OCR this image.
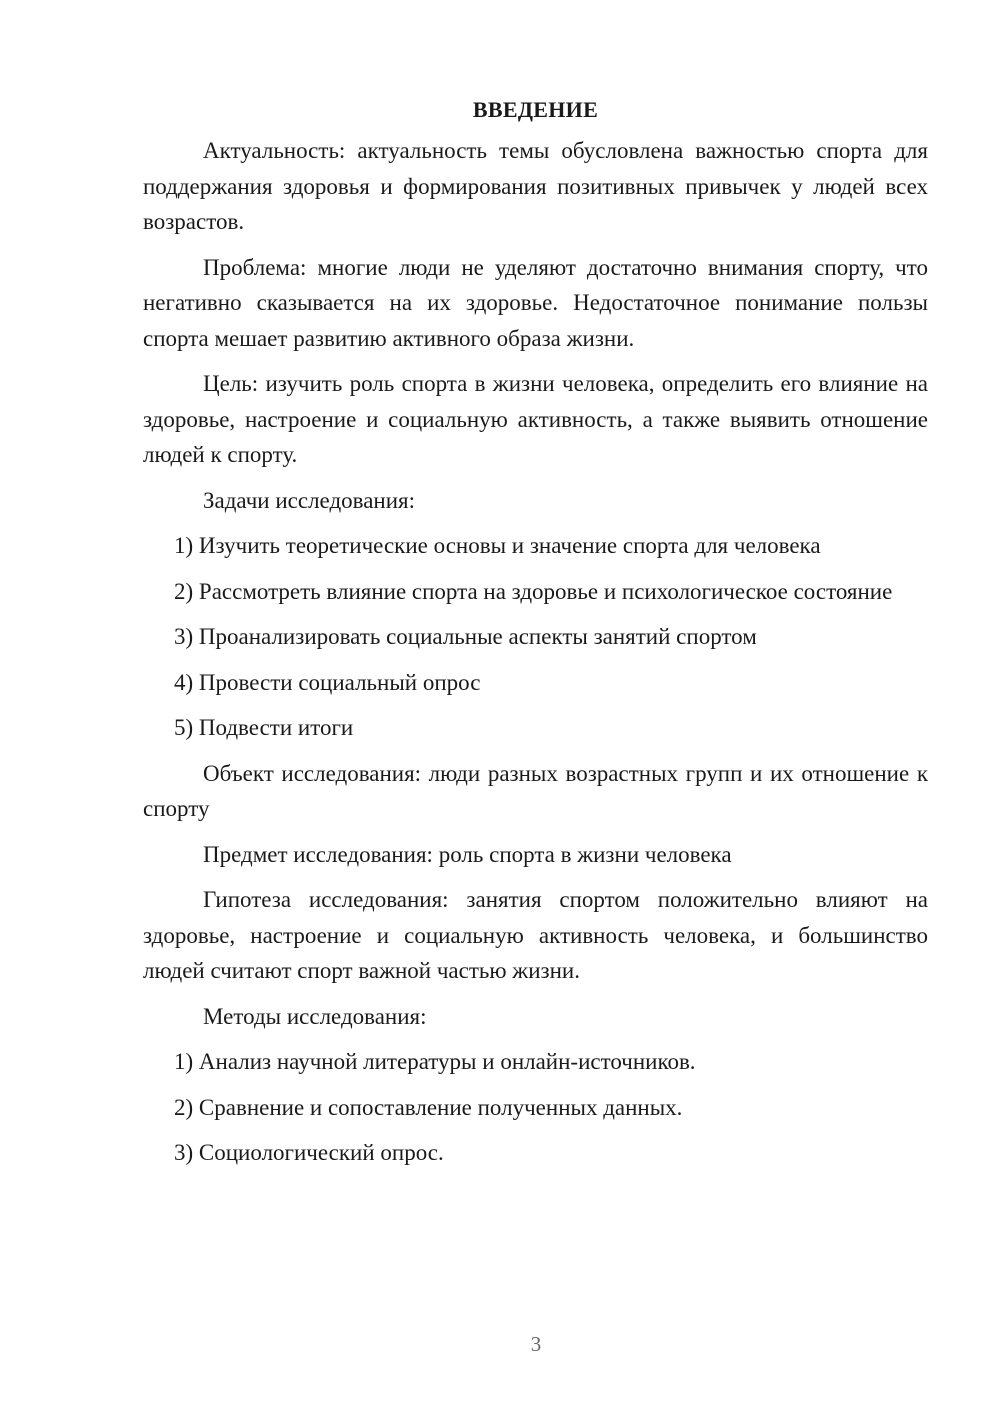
ВВЕДЕНИЕ
Актуальность: актуальность темы обусловлена важностью спорта для поддержания здоровья и формирования позитивных привычек у людей всех возрастов.
Проблема: многие люди не уделяют достаточно внимания спорту, что негативно сказывается на их здоровье. Недостаточное понимание пользы спорта мешает развитию активного образа жизни.
Цель: изучить роль спорта в жизни человека, определить его влияние на здоровье, настроение и социальную активность, а также выявить отношение людей к спорту.
Задачи исследования:
1) Изучить теоретические основы и значение спорта для человека
2) Рассмотреть влияние спорта на здоровье и психологическое состояние
3) Проанализировать социальные аспекты занятий спортом
4) Провести социальный опрос
5) Подвести итоги
Объект исследования: люди разных возрастных групп и их отношение к спорту
Предмет исследования: роль спорта в жизни человека
Гипотеза исследования: занятия спортом положительно влияют на здоровье, настроение и социальную активность человека, и большинство людей считают спорт важной частью жизни.
Методы исследования:
1) Анализ научной литературы и онлайн-источников.
2) Сравнение и сопоставление полученных данных.
3) Социологический опрос.
3
